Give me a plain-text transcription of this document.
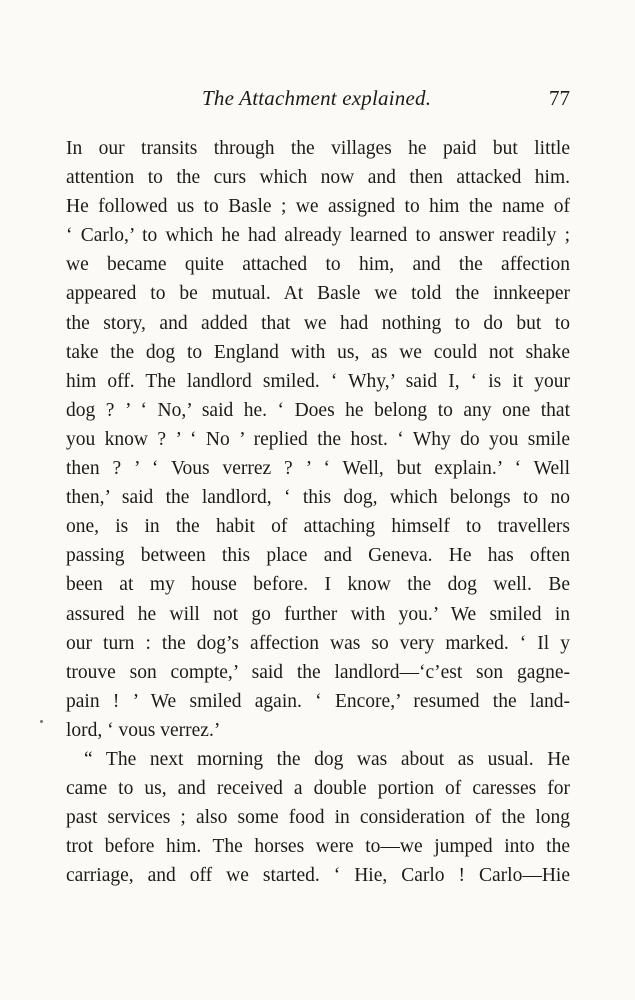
The Attachment explained.	77
In our transits through the villages he paid but little
attention to the curs which now and then attacked him.
He followed us to Basle ; we assigned to him the name of
‘ Carlo,’ to which he had already learned to answer readily ;
we became quite attached to him, and the affection
appeared to be mutual. At Basle we told the innkeeper
the story, and added that we had nothing to do but to
take the dog to England with us, as we could not shake
him off. The landlord smiled. ‘ Why,’ said I, ‘ is it your
dog ? ’ ‘ No,’ said he. ‘ Does he belong to any one that
you know ? ’ ‘ No ’ replied the host. ‘ Why do you smile
then ? ’ ‘ Vous verrez ? ’ ‘ Well, but explain.’ ‘ Well
then,’ said the landlord, ‘ this dog, which belongs to no
one, is in the habit of attaching himself to travellers
passing between this place and Geneva. He has often
been at my house before. I know the dog well. Be
assured he will not go further with you.’ We smiled in
our turn : the dog’s affection was so very marked. ‘ Il y
trouve son compte,’ said the landlord—‘c’est son gagne-
pain ! ’ We smiled again. ‘ Encore,’ resumed the land-
lord, ‘ vous verrez.’
“ The next morning the dog was about as usual. He
came to us, and received a double portion of caresses for
past services ; also some food in consideration of the long
trot before him. The horses were to—we jumped into the
carriage, and off we started. ‘ Hie, Carlo ! Carlo—Hie
